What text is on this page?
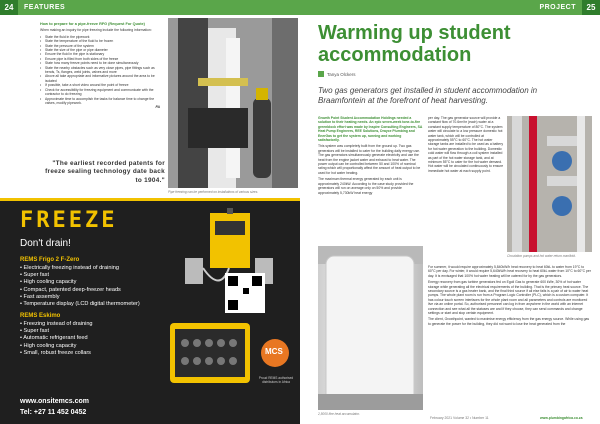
24	FEATURES	PROJECT	25

How to prepare for a pipe-freeze RFG (Request For Quote)

When making an inquiry for pipe freezing include the following information:

• State the fluid in the pipework
• State the temperature of the fluid to be frozen
• State the pressure of the system
• State the size of the pipe or pipe diameter
• Ensure the fluid in the pipe is stationary
• Ensure pipe is filled from both sides of the freeze
• State how many freeze points need to be done simultaneously
• State the nearby obstacles such as very close pipes, pipe fittings such as bends, Ts, flanges, weld joints, valves and more
• Above all take appropriate and informative pictures around the area to be isolated
• If possible, take a short video around the point of freeze
• Check for accessibility for freezing equipment and communicate with the contractor to do freezing
• Approximate time to accomplish the tasks for balance time to change the valves, modify pipework.
PA
"The earliest recorded patents for freeze sealing technology date back to 1904."
Pipe freezing can be performed on installations of various sizes.
FREEZE
Don't drain!
REMS Frigo 2 F-Zero
• Electrically freezing instead of draining
• Super fast
• High cooling capacity
• Compact, patented deep-freezer heads
• Fast assembly
• Temperature display (LCD digital thermometer)
REMS Eskimo
• Freezing instead of draining
• Super fast
• Automatic refrigerant feed
• High cooling capacity
• Small, robust freeze collars
www.onsitemcs.com
Tel: +27 11 452 0452
MCS
Proud REMS authorised distributors in Africa
Warming up student accommodation
Tanya Olckers
Two gas generators get installed in student accommodation in Braamfontein at the forefront of heat harvesting.

Growth Point Student Accommodation Holdings needed a solution to their heating needs. An epic seven-week tone-to-fire greenblock effort was made by Inspire Consulting Engineers, SA Heat Pump Engineers, REE Solutions, Drayce Plumbing and EnerGas to get the system up, running and working satisfactorily.

This system was completely built from the ground up. Two gas generators will be installed to cater for the building daily energy use. The gas generators simultaneously generate electricity and use the heat from the engine jacket water and exhaust to heat water. The power output can be controlled between 50 and 100% of nominal rating which will proportionally affect the amount of heat output to be used for hot water heating.

The maximum thermal energy generated by each unit is approximately 240kW. According to the case study provided the generators will run on average only on 50% and provide approximately 5,730kW heat energy

2,5000 litre heat accumulator.

per day. The gas generator source will provide a constant flow of 70.6m³/hr (each) water at a constant supply temperature of 80°C. The system water will circulate to a low pressure domestic hot water tank, which will be controlled at approximately 55°C to 60°C. The hot water storage tanks are installed to be used as a battery for hot water generation to the building. Domestic cold water will flow through a coil system installed as part of the hot water storage tank, and at minimum 55°C to cater for the hot water demand. Hot water will be circulated continuously to ensure immediate hot water at each supply point.

Circulation pumps and hot water return manifold.

For summer, it would require approximately 5,840kW/h heat recovery to heat 60kL to water from 19°C to 60°C per day. For winter, it would require 5,640kW/h heat recovery to heat 60kL water from 10°C to 60°C per day. It is envisaged that 100% hot water heating will be catered for by the gas generators.

Energy recovery from gas turbine generators fed on Egoli Gas to generate 600 kWe, 30% of hot water storage while generating all the electrical requirements of the building. That is the primary heat source. The secondary source is a gas heater bank, and the final third source if all else fails is a pair of air to water heat pumps. The whole plant room is run from a Program Logic Controller (PLC), which is a custom computer. It has colour touch screen interfaces for the whole plant room and all parameters and controls are monitored live via an online portal. So, authorised personnel can log in from anywhere in the world with an internet connection and see what all the statuses are and if they choose, they can send commands and change settings or start and stop certain equipment.

The client, Growthpoint, wanted to maximise energy efficiency from the gas energy source. While using gas to generate the power for the building, they did not want to lose the heat generated from the

February 2021 Volume 32 • Number 11	www.plumbingafrica.co.za
